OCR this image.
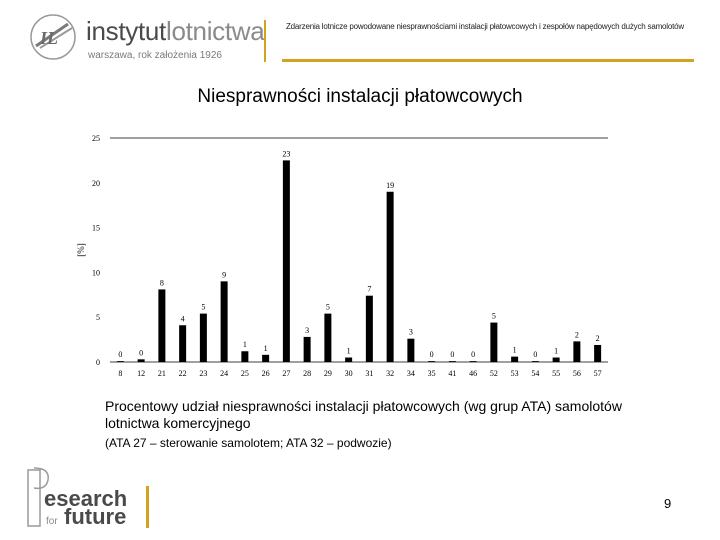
IL instytutlotnictwa
warszawa, rok założenia 1926
Zdarzenia lotnicze powodowane niesprawnościami instalacji płatowcowych i zespołów napędowych dużych samolotów
Niesprawności instalacji płatowcowych
0
5
10
15
20
25
[%]
0
8
0
12
8
21
4
22
5
23
9
24
1
25
1
26
23
27
3
28
5
29
1
30
7
31
19
32
3
34
0
35
0
41
0
46
5
52
1
53
0
54
1
55
2
56
2
57
Procentowy udział niesprawności instalacji płatowcowych (wg grup ATA) samolotów lotnictwa komercyjnego
(ATA 27 – sterowanie samolotem; ATA 32 – podwozie)
esearch
for future
9
